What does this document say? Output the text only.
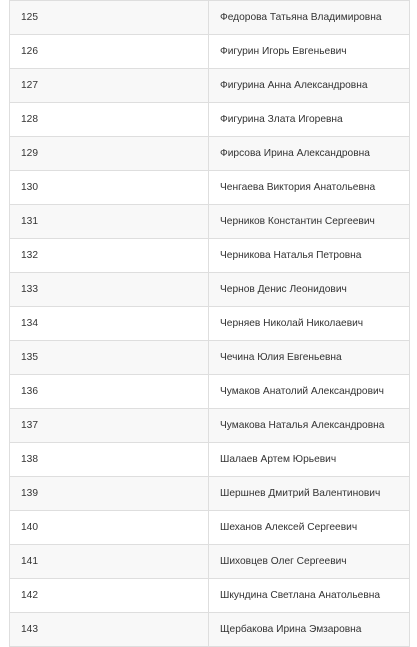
125	Федорова Татьяна Владимировна
126	Фигурин Игорь Евгеньевич
127	Фигурина Анна Александровна
128	Фигурина Злата Игоревна
129	Фирсова Ирина Александровна
130	Ченгаева Виктория Анатольевна
131	Черников Константин Сергеевич
132	Черникова Наталья Петровна
133	Чернов Денис Леонидович
134	Черняев Николай Николаевич
135	Чечина Юлия Евгеньевна
136	Чумаков Анатолий Александрович
137	Чумакова Наталья Александровна
138	Шалаев Артем Юрьевич
139	Шершнев Дмитрий Валентинович
140	Шеханов Алексей Сергеевич
141	Шиховцев Олег Сергеевич
142	Шкундина Светлана Анатольевна
143	Щербакова Ирина Эмзаровна
